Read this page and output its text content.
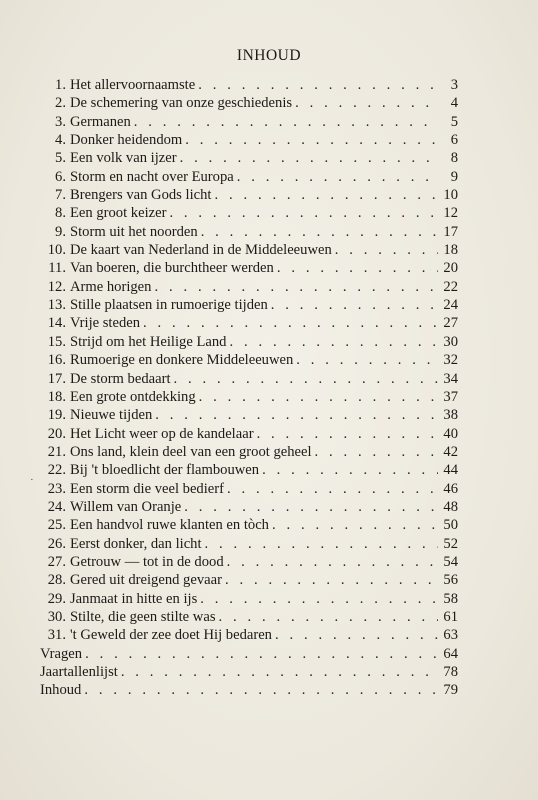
INHOUD
1. Het allervoornaamste . . .	3
2. De schemering van onze geschiedenis . . .	4
3. Germanen . . .	5
4. Donker heidendom . . .	6
5. Een volk van ijzer . . .	8
6. Storm en nacht over Europa . . .	9
7. Brengers van Gods licht . . .	10
8. Een groot keizer . . .	12
9. Storm uit het noorden . . .	17
10. De kaart van Nederland in de Middeleeuwen . . .	18
11. Van boeren, die burchtheer werden . . .	20
12. Arme horigen . . .	22
13. Stille plaatsen in rumoerige tijden . . .	24
14. Vrije steden . . .	27
15. Strijd om het Heilige Land . . .	30
16. Rumoerige en donkere Middeleeuwen . . .	32
17. De storm bedaart . . .	34
18. Een grote ontdekking . . .	37
19. Nieuwe tijden . . .	38
20. Het Licht weer op de kandelaar . . .	40
21. Ons land, klein deel van een groot geheel . . .	42
22. Bij 't bloedlicht der flambouwen . . .	44
23. Een storm die veel bedierf . . .	46
24. Willem van Oranje . . .	48
25. Een handvol ruwe klanten en tòch . . .	50
26. Eerst donker, dan licht . . .	52
27. Getrouw — tot in de dood . . .	54
28. Gered uit dreigend gevaar . . .	56
29. Janmaat in hitte en ijs . . .	58
30. Stilte, die geen stilte was . . .	61
31. 't Geweld der zee doet Hij bedaren . . .	63
Vragen . . .	64
Jaartallenlijst . . .	78
Inhoud . . .	79
·
